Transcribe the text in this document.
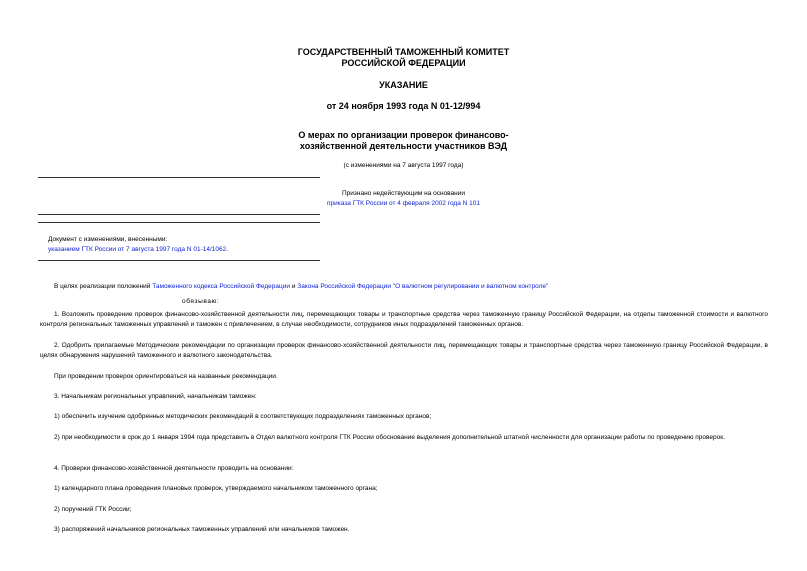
ГОСУДАРСТВЕННЫЙ ТАМОЖЕННЫЙ КОМИТЕТ
РОССИЙСКОЙ ФЕДЕРАЦИИ
УКАЗАНИЕ
от 24 ноября 1993 года N 01-12/994
О мерах по организации проверок финансово-
хозяйственной деятельности участников ВЭД
(с изменениями на 7 августа 1997 года)
Признано недействующим на основании
приказа ГТК России от 4 февраля 2002 года N 101
Документ с изменениями, внесенными:
указанием ГТК России от 7 августа 1997 года N 01-14/1062.
В целях реализации положений Таможенного кодекса Российской Федерации и Закона Российской Федерации "О валютном регулировании и валютном контроле"
обязываю:
1. Возложить проведение проверок финансово-хозяйственной деятельности лиц, перемещающих товары и транспортные средства через таможенную границу Российской Федерации, на отделы таможенной стоимости и валютного контроля региональных таможенных управлений и таможен с привлечением, в случае необходимости, сотрудников иных подразделений таможенных органов.
2. Одобрить прилагаемые Методические рекомендации по организации проверок финансово-хозяйственной деятельности лиц, перемещающих товары и транспортные средства через таможенную границу Российской Федерации, в целях обнаружения нарушений таможенного и валютного законодательства.
При проведении проверок ориентироваться на названные рекомендации.
3. Начальникам региональных управлений, начальникам таможен:
1) обеспечить изучение одобренных методических рекомендаций в соответствующих подразделениях таможенных органов;
2) при необходимости в срок до 1 января 1994 года представить в Отдел валютного контроля ГТК России обоснование выделения дополнительной штатной численности для организации работы по проведению проверок.
4. Проверки финансово-хозяйственной деятельности проводить на основании:
1) календарного плана проведения плановых проверок, утверждаемого начальником таможенного органа;
2) поручений ГТК России;
3) распоряжений начальников региональных таможенных управлений или начальников таможен.
